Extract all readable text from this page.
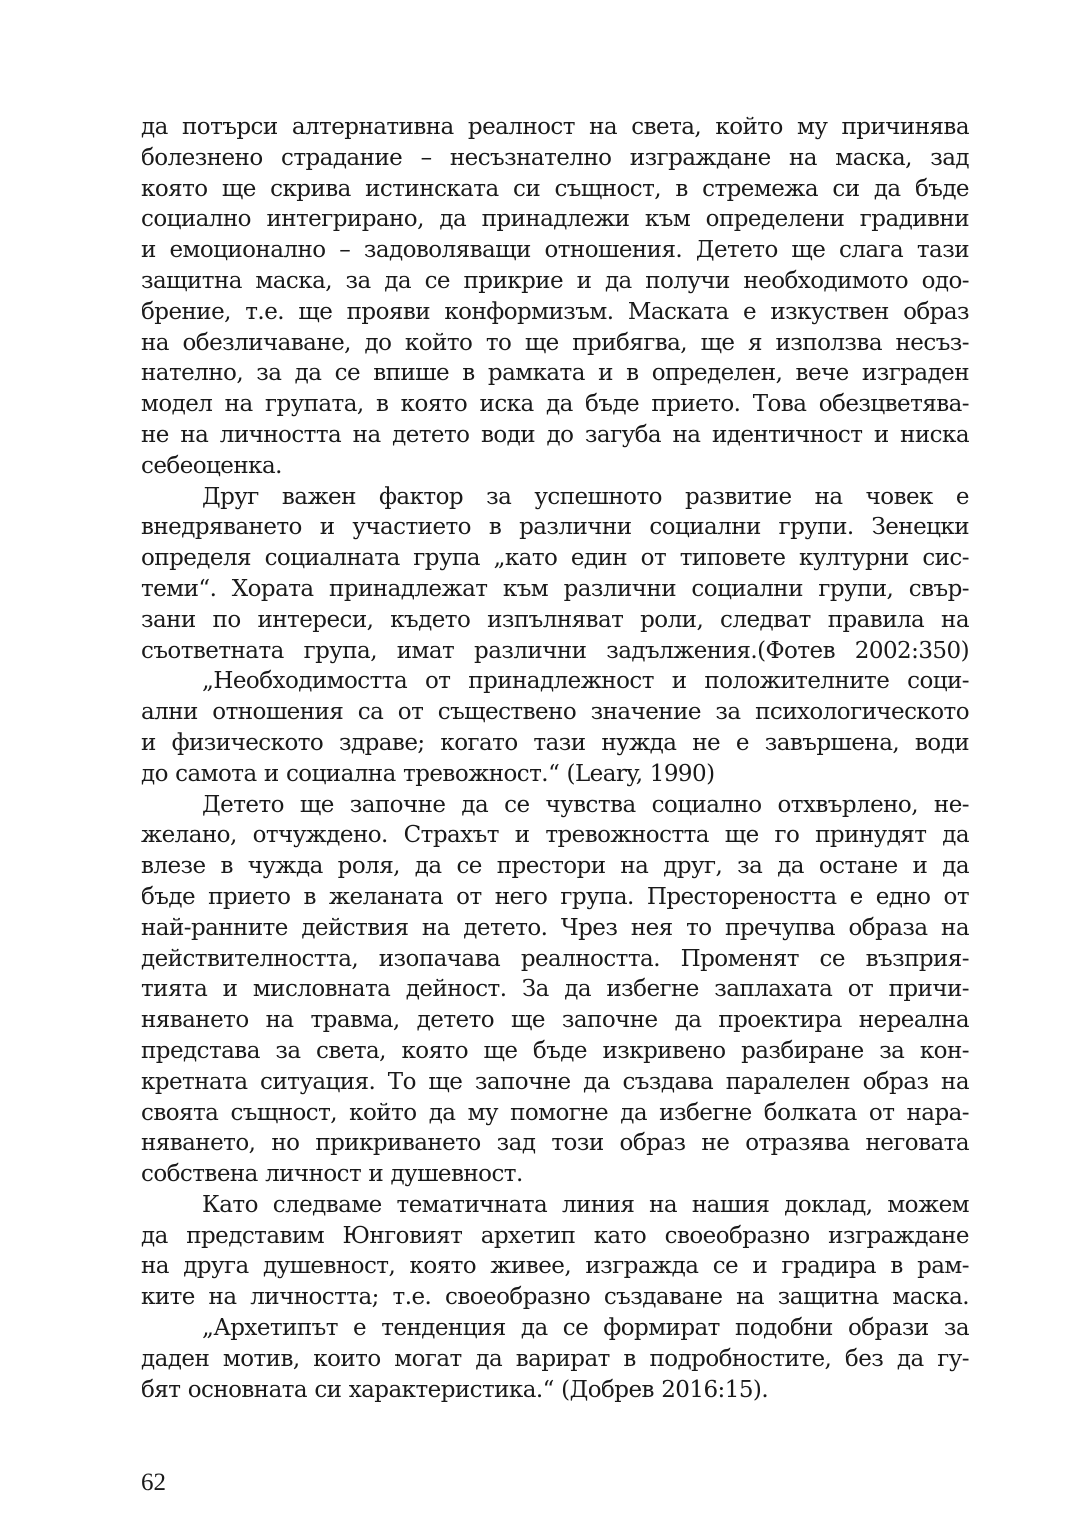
да потърси алтернативна реалност на света, който му причинява
болезнено страдание – несъзнателно изграждане на маска, зад
която ще скрива истинската си същност, в стремежа си да бъде
социално интегрирано, да принадлежи към определени градивни
и емоционално – задоволяващи отношения. Детето ще слага тази
защитна маска, за да се прикрие и да получи необходимото одо-
брение, т.е. ще прояви конформизъм. Маската е изкуствен образ
на обезличаване, до който то ще прибягва, ще я използва несъз-
нателно, за да се впише в рамката и в определен, вече изграден
модел на групата, в която иска да бъде прието. Това обезцветява-
не на личността на детето води до загуба на идентичност и ниска
себеоценка.
Друг важен фактор за успешното развитие на човек е
внедряването и участието в различни социални групи. Зенецки
определя социалната група „като един от типовете културни сис-
теми“. Хората принадлежат към различни социални групи, свър-
зани по интереси, където изпълняват роли, следват правила на
съответната група, имат различни задължения.(Фотев 2002:350)
„Необходимостта от принадлежност и положителните соци-
ални отношения са от съществено значение за психологическото
и физическото здраве; когато тази нужда не е завършена, води
до самота и социална тревожност.“ (Leary, 1990)
Детето ще започне да се чувства социално отхвърлено, не-
желано, отчуждено. Страхът и тревожността ще го принудят да
влезе в чужда роля, да се престори на друг, за да остане и да
бъде прието в желаната от него група. Престореността е едно от
най-ранните действия на детето. Чрез нея то пречупва образа на
действителността, изопачава реалността. Променят се възприя-
тията и мисловната дейност. За да избегне заплахата от причи-
няването на травма, детето ще започне да проектира нереална
представа за света, която ще бъде изкривено разбиране за кон-
кретната ситуация. То ще започне да създава паралелен образ на
своята същност, който да му помогне да избегне болката от нара-
няването, но прикриването зад този образ не отразява неговата
собствена личност и душевност.
Като следваме тематичната линия на нашия доклад, можем
да представим Юнговият архетип като своеобразно изграждане
на друга душевност, която живее, изгражда се и градира в рам-
ките на личността; т.е. своеобразно създаване на защитна маска.
„Архетипът е тенденция да се формират подобни образи за
даден мотив, които могат да варират в подробностите, без да гу-
бят основната си характеристика.“ (Добрев 2016:15).
62
